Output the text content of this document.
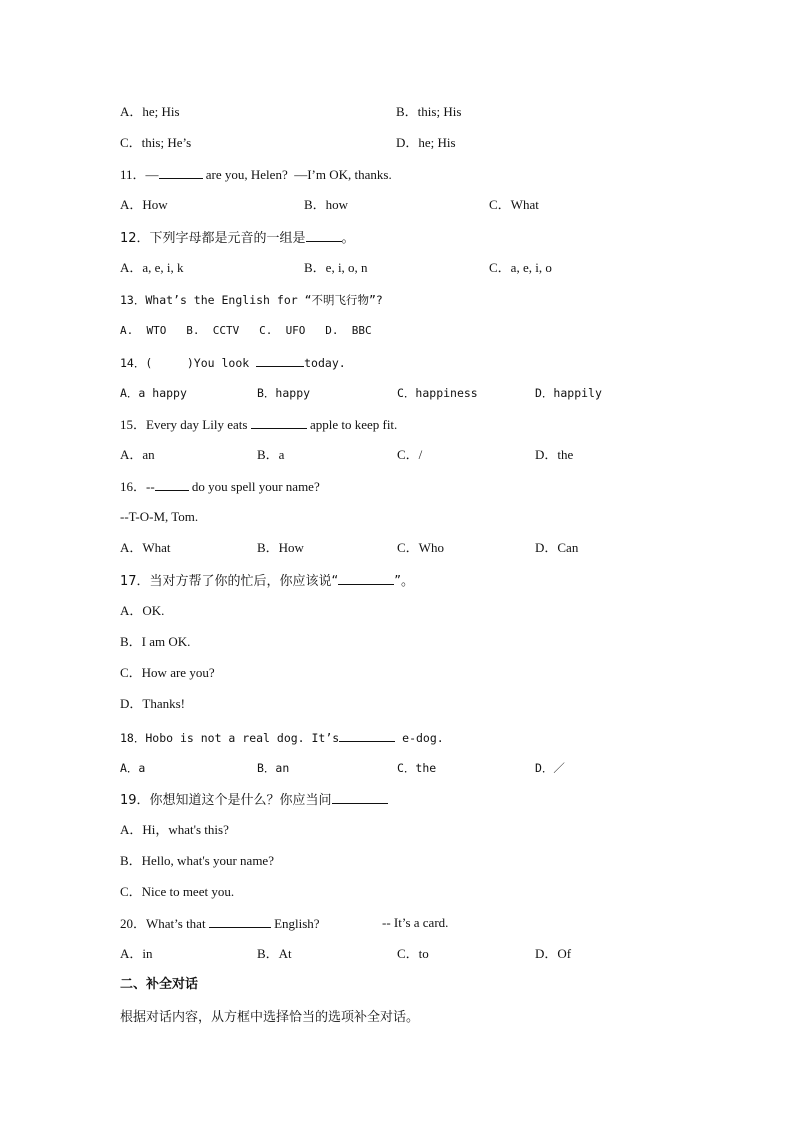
A．he; His	B．this; His
C．this; He’s	D．he; His
11．—	are you, Helen?  —I’m OK, thanks.
A．How	B．how	C．What
12．下列字母都是元音的一组是	。
A．a, e, i, k	B．e, i, o, n	C．a, e, i, o
13．What’s the English for “不明飞行物”?
A.  WTO   B.  CCTV   C.  UFO   D.  BBC
14．(     )You look	today.
A．a happy	B．happy	C．happiness	D．happily
15．Every day Lily eats	apple to keep fit.
A．an	B．a	C．/	D．the
16．--	do you spell your name?
--T-O-M, Tom.
A．What	B．How	C．Who	D．Can
17．当对方帮了你的忙后，你应该说“	”。
A．OK.
B．I am OK.
C．How are you?
D．Thanks!
18．Hobo is not a real dog. It’s	e-dog.
A．a	B．an	C．the	D．／
19．你想知道这个是什么？你应当问
A．Hi，what's this?
B．Hello, what's your name?
C．Nice to meet you.
20．What’s that	English?	-- It’s a card.
A．in	B．At	C．to	D．Of
二、补全对话
根据对话内容，从方框中选择恰当的选项补全对话。
